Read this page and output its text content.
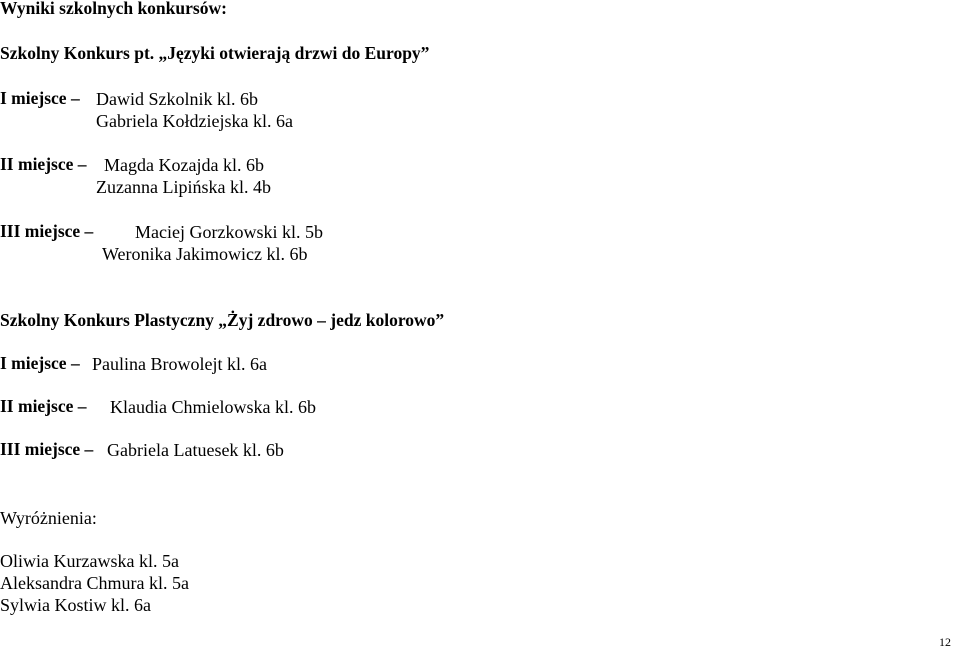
Wyniki szkolnych konkursów:
Szkolny Konkurs pt. „Języki otwierają drzwi do Europy”
I miejsce – Dawid Szkolnik kl. 6b
Gabriela Kołdziejska kl. 6a
II miejsce – Magda Kozajda kl. 6b
Zuzanna Lipińska kl. 4b
III miejsce – Maciej Gorzkowski kl. 5b
Weronika Jakimowicz kl. 6b
Szkolny Konkurs Plastyczny „Żyj zdrowo – jedz kolorowo”
I miejsce – Paulina Browolejt kl. 6a
II miejsce – Klaudia Chmielowska kl. 6b
III miejsce – Gabriela Latuesek kl. 6b
Wyróżnienia:
Oliwia Kurzawska kl. 5a
Aleksandra Chmura kl. 5a
Sylwia Kostiw kl. 6a
12
